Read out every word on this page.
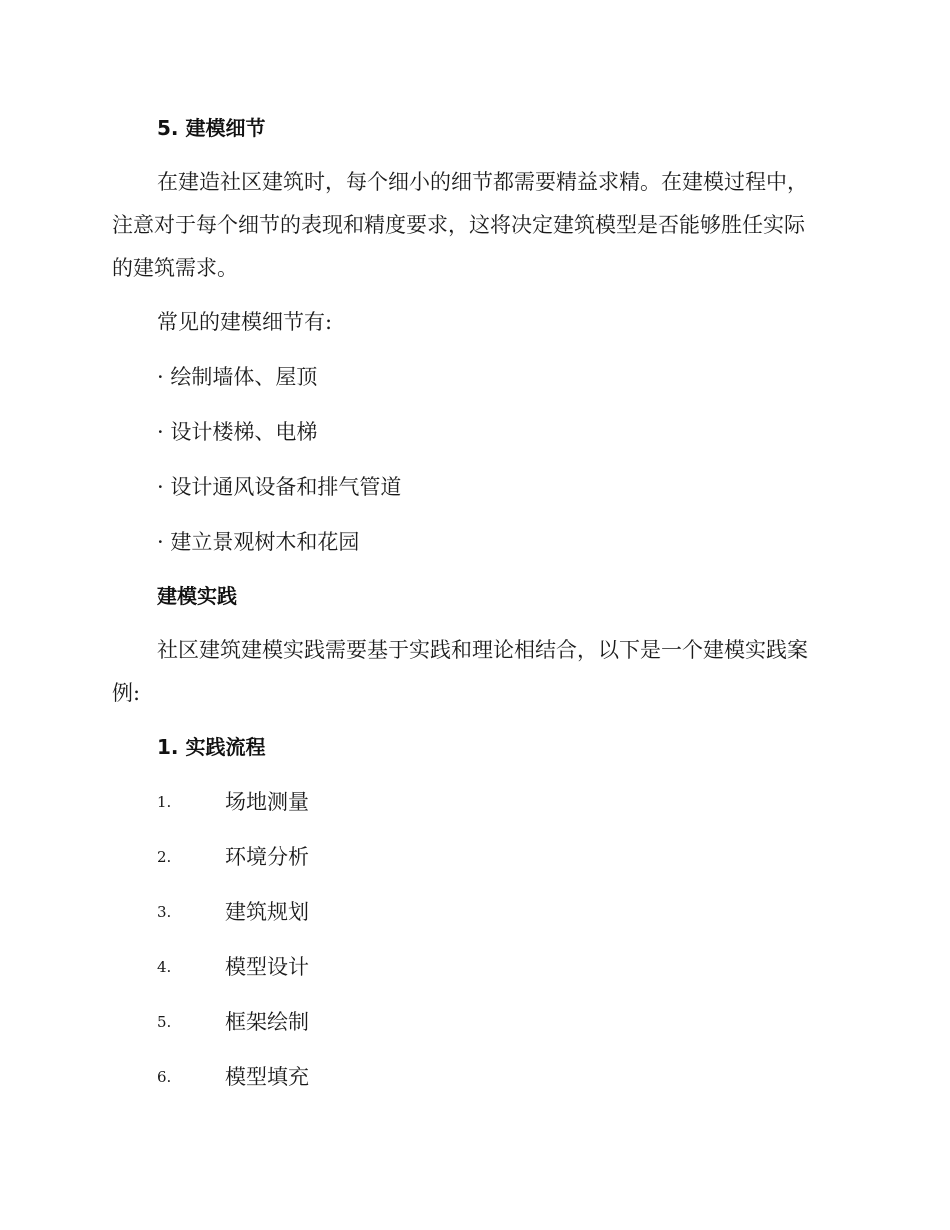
5. 建模细节
在建造社区建筑时，每个细小的细节都需要精益求精。在建模过程中，
注意对于每个细节的表现和精度要求，这将决定建筑模型是否能够胜任实际
的建筑需求。
常见的建模细节有:
· 绘制墙体、屋顶
· 设计楼梯、电梯
· 设计通风设备和排气管道
· 建立景观树木和花园
建模实践
社区建筑建模实践需要基于实践和理论相结合，以下是一个建模实践案
例:
1. 实践流程
1.	场地测量
2.	环境分析
3.	建筑规划
4.	模型设计
5.	框架绘制
6.	模型填充
